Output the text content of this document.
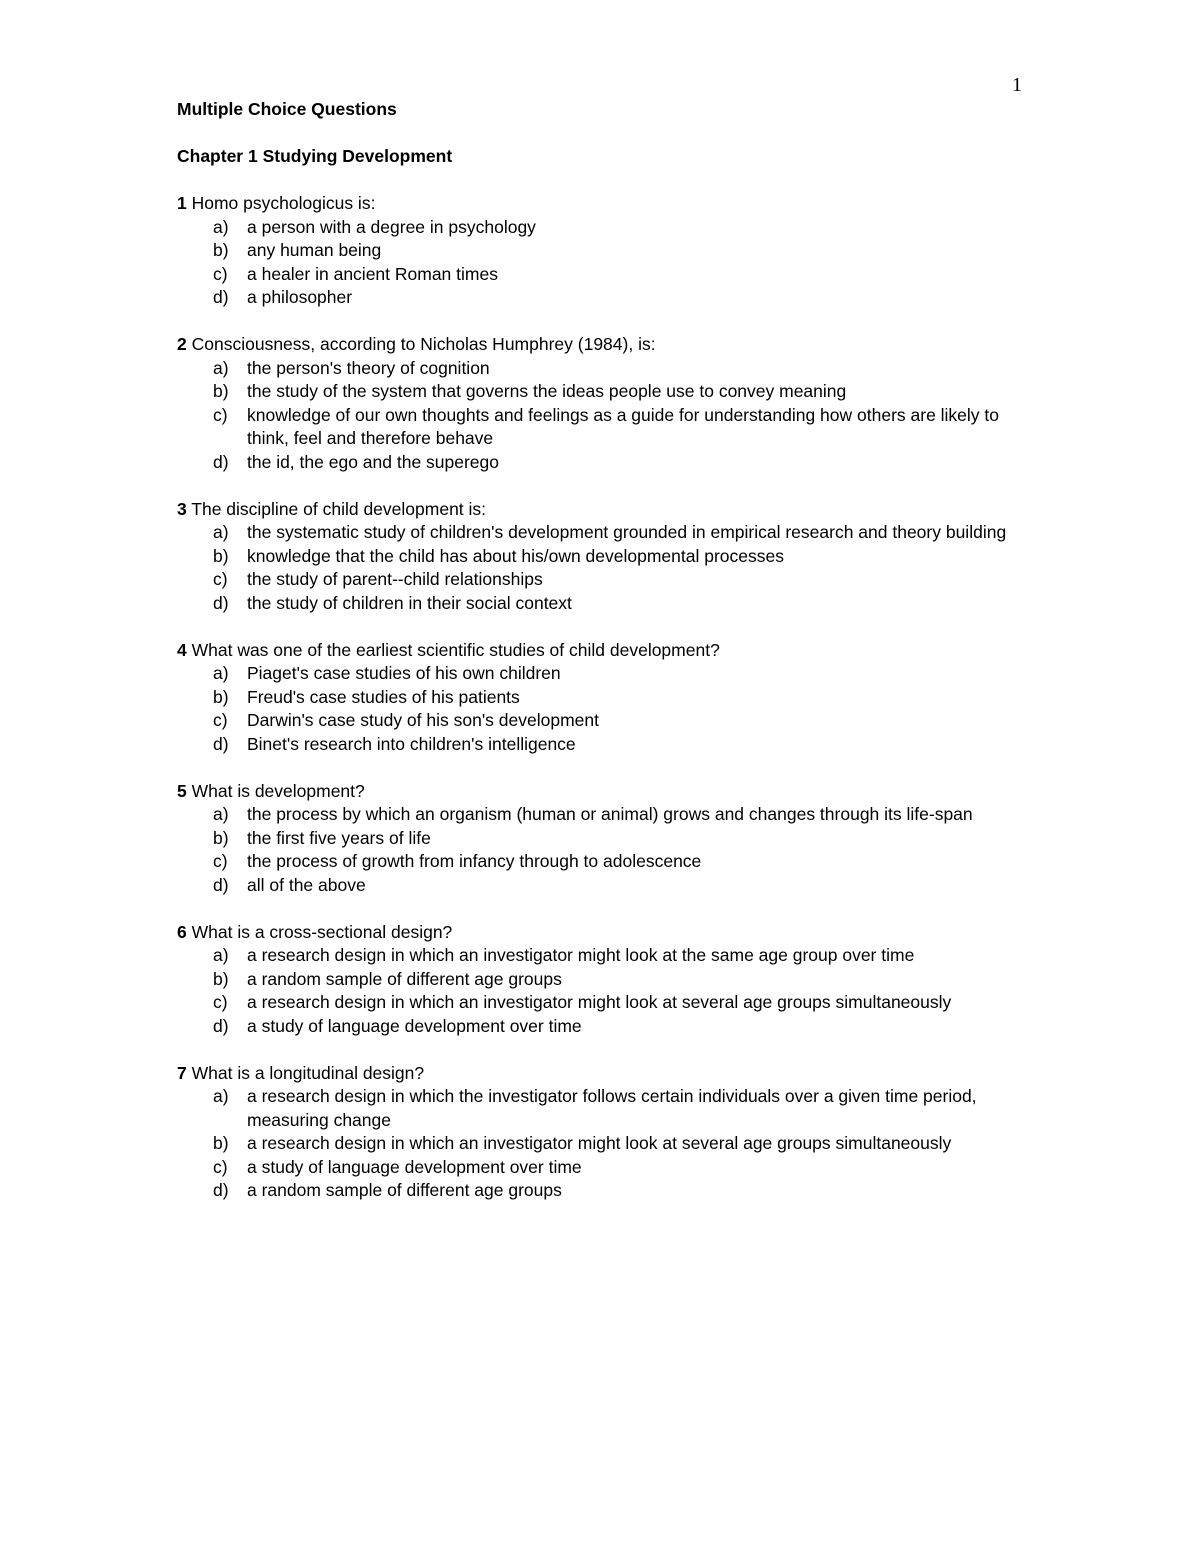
1
Multiple Choice Questions
Chapter 1 Studying Development
1 Homo psychologicus is:
a) a person with a degree in psychology
b) any human being
c) a healer in ancient Roman times
d) a philosopher
2 Consciousness, according to Nicholas Humphrey (1984), is:
a) the person's theory of cognition
b) the study of the system that governs the ideas people use to convey meaning
c) knowledge of our own thoughts and feelings as a guide for understanding how others are likely to think, feel and therefore behave
d) the id, the ego and the superego
3 The discipline of child development is:
a) the systematic study of children's development grounded in empirical research and theory building
b) knowledge that the child has about his/own developmental processes
c) the study of parent--child relationships
d) the study of children in their social context
4 What was one of the earliest scientific studies of child development?
a) Piaget's case studies of his own children
b) Freud's case studies of his patients
c) Darwin's case study of his son's development
d) Binet's research into children's intelligence
5 What is development?
a) the process by which an organism (human or animal) grows and changes through its life-span
b) the first five years of life
c) the process of growth from infancy through to adolescence
d) all of the above
6 What is a cross-sectional design?
a) a research design in which an investigator might look at the same age group over time
b) a random sample of different age groups
c) a research design in which an investigator might look at several age groups simultaneously
d) a study of language development over time
7 What is a longitudinal design?
a) a research design in which the investigator follows certain individuals over a given time period, measuring change
b) a research design in which an investigator might look at several age groups simultaneously
c) a study of language development over time
d) a random sample of different age groups
